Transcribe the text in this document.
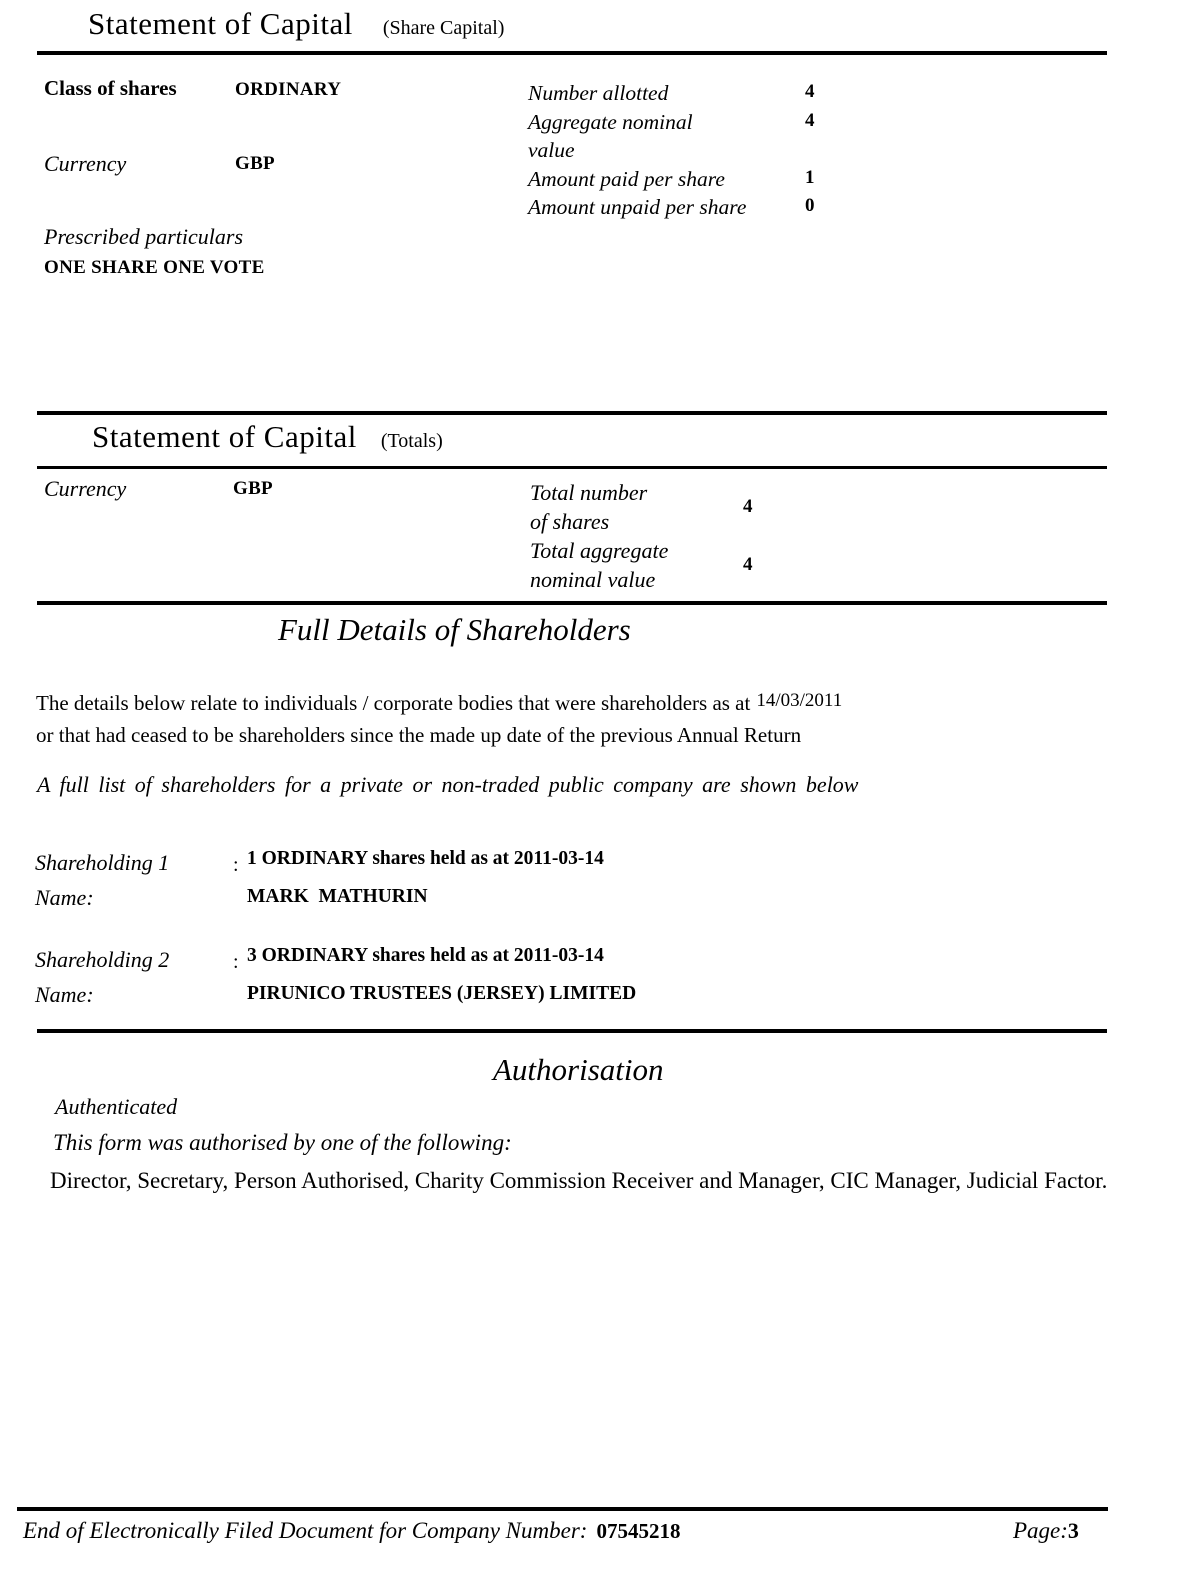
Statement of Capital (Share Capital)
Class of shares	ORDINARY
Currency	GBP
Prescribed particulars
ONE SHARE ONE VOTE
Number allotted	4
Aggregate nominal
value
4
Amount paid per share	1
Amount unpaid per share	0
Statement of Capital (Totals)
Currency	GBP	Total number
of shares
4
Total aggregate
nominal value
4
Full Details of Shareholders
The details below relate to individuals / corporate bodies that were shareholders as at 14/03/2011
or that had ceased to be shareholders since the made up date of the previous Annual Return
A full list of shareholders for a private or non-traded public company are shown below
Shareholding 1	: 1 ORDINARY shares held as at 2011-03-14
Name:	MARK  MATHURIN
Shareholding 2	: 3 ORDINARY shares held as at 2011-03-14
Name:	PIRUNICO TRUSTEES (JERSEY) LIMITED
Authorisation
Authenticated
This form was authorised by one of the following:
Director, Secretary, Person Authorised, Charity Commission Receiver and Manager, CIC Manager, Judicial Factor.
End of Electronically Filed Document for Company Number: 07545218	Page: 3
